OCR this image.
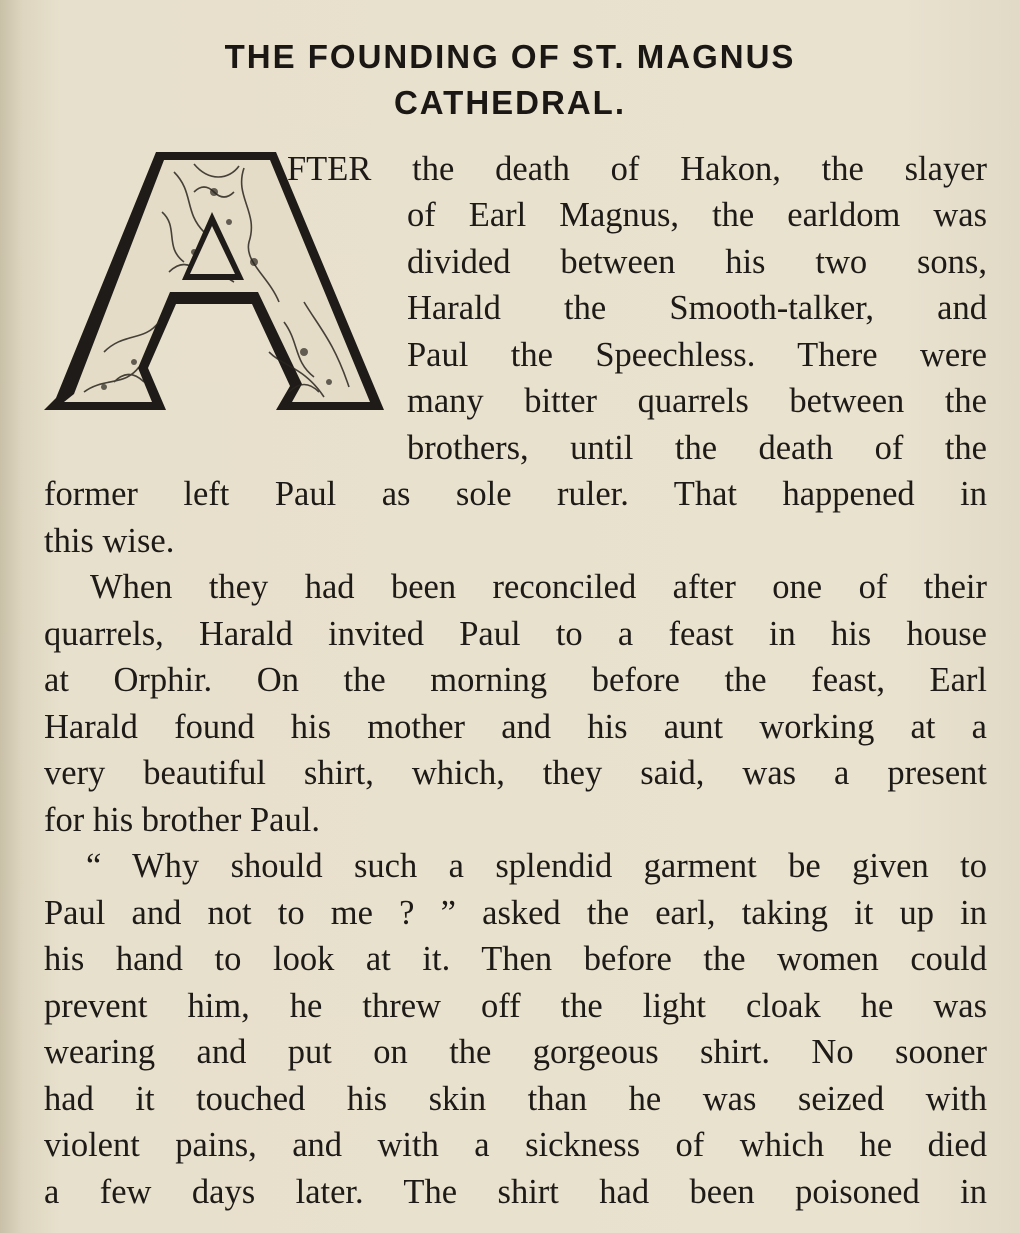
THE FOUNDING OF ST. MAGNUS
CATHEDRAL.
FTER the death of Hakon, the slayer
of Earl Magnus, the earldom was
divided between his two sons,
Harald the Smooth-talker, and
Paul the Speechless. There were
many bitter quarrels between the
brothers, until the death of the
former left Paul as sole ruler. That happened in
this wise.
When they had been reconciled after one of their
quarrels, Harald invited Paul to a feast in his house
at Orphir. On the morning before the feast, Earl
Harald found his mother and his aunt working at a
very beautiful shirt, which, they said, was a present
for his brother Paul.
“ Why should such a splendid garment be given to
Paul and not to me ? ” asked the earl, taking it up in
his hand to look at it. Then before the women could
prevent him, he threw off the light cloak he was
wearing and put on the gorgeous shirt. No sooner
had it touched his skin than he was seized with
violent pains, and with a sickness of which he died
a few days later. The shirt had been poisoned in
